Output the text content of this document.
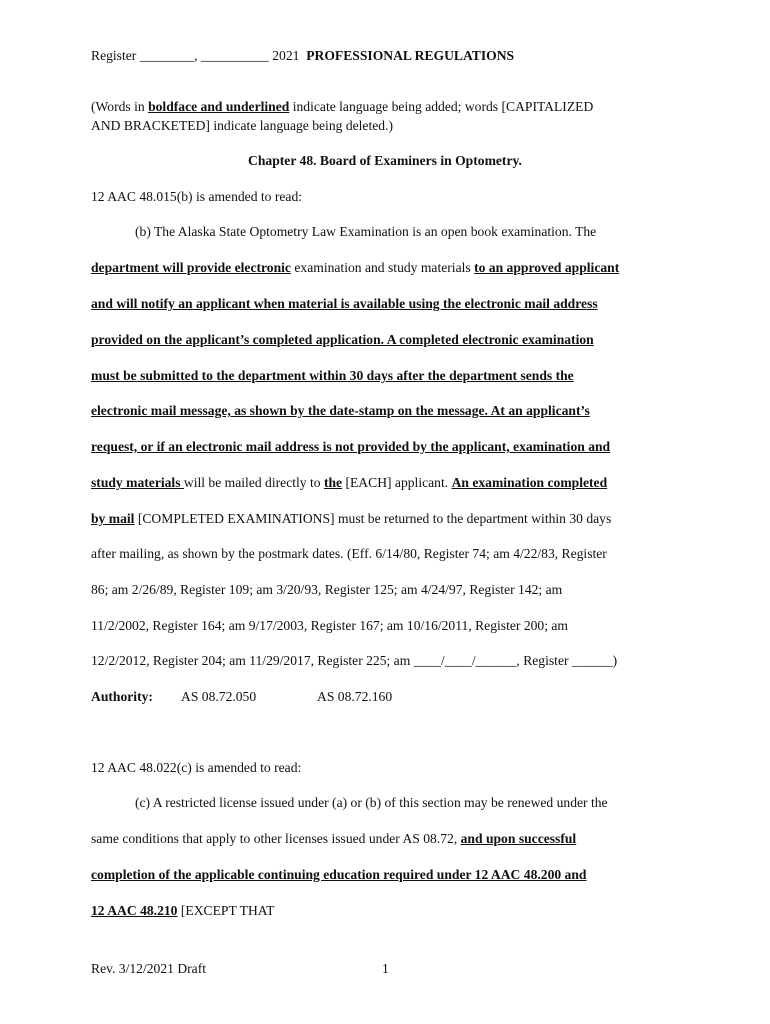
Register ________, __________ 2021 PROFESSIONAL REGULATIONS
(Words in boldface and underlined indicate language being added; words [CAPITALIZED
AND BRACKETED] indicate language being deleted.)
Chapter 48. Board of Examiners in Optometry.
12 AAC 48.015(b) is amended to read:
(b) The Alaska State Optometry Law Examination is an open book examination. The
department will provide electronic examination and study materials to an approved applicant
and will notify an applicant when material is available using the electronic mail address
provided on the applicant’s completed application. A completed electronic examination
must be submitted to the department within 30 days after the department sends the
electronic mail message, as shown by the date-stamp on the message. At an applicant’s
request, or if an electronic mail address is not provided by the applicant, examination and
study materials will be mailed directly to the [EACH] applicant. An examination completed
by mail [COMPLETED EXAMINATIONS] must be returned to the department within 30 days
after mailing, as shown by the postmark dates. (Eff. 6/14/80, Register 74; am 4/22/83, Register
86; am 2/26/89, Register 109; am 3/20/93, Register 125; am 4/24/97, Register 142; am
11/2/2002, Register 164; am 9/17/2003, Register 167; am 10/16/2011, Register 200; am
12/2/2012, Register 204; am 11/29/2017, Register 225; am ____/____/______, Register ______)
Authority: AS 08.72.050	AS 08.72.160
12 AAC 48.022(c) is amended to read:
(c) A restricted license issued under (a) or (b) of this section may be renewed under the
same conditions that apply to other licenses issued under AS 08.72, and upon successful
completion of the applicable continuing education required under 12 AAC 48.200 and
12 AAC 48.210 [EXCEPT THAT
Rev. 3/12/2021 Draft	1
